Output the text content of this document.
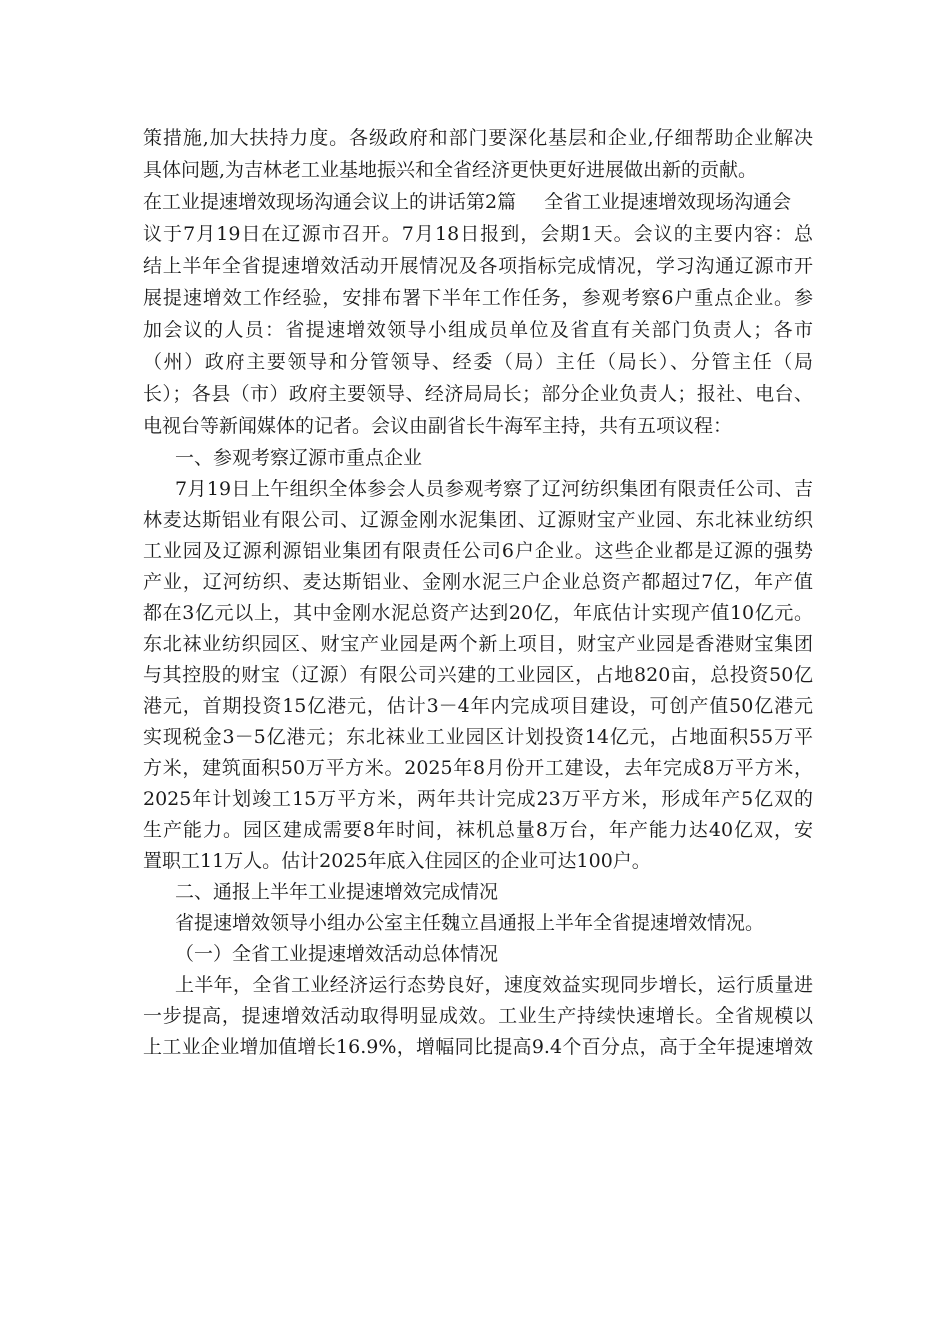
策措施,加大扶持力度。各级政府和部门要深化基层和企业,仔细帮助企业解决
具体问题,为吉林老工业基地振兴和全省经济更快更好进展做出新的贡献。
在工业提速增效现场沟通会议上的讲话第2篇 全省工业提速增效现场沟通会
议于7月19日在辽源市召开。7月18日报到，会期1天。会议的主要内容：总
结上半年全省提速增效活动开展情况及各项指标完成情况，学习沟通辽源市开
展提速增效工作经验，安排布署下半年工作任务，参观考察6户重点企业。参
加会议的人员：省提速增效领导小组成员单位及省直有关部门负责人；各市
（州）政府主要领导和分管领导、经委（局）主任（局长）、分管主任（局
长）；各县（市）政府主要领导、经济局局长；部分企业负责人；报社、电台、
电视台等新闻媒体的记者。会议由副省长牛海军主持，共有五项议程：
一、参观考察辽源市重点企业
7月19日上午组织全体参会人员参观考察了辽河纺织集团有限责任公司、吉
林麦达斯铝业有限公司、辽源金刚水泥集团、辽源财宝产业园、东北袜业纺织
工业园及辽源利源铝业集团有限责任公司6户企业。这些企业都是辽源的强势
产业，辽河纺织、麦达斯铝业、金刚水泥三户企业总资产都超过7亿，年产值
都在3亿元以上，其中金刚水泥总资产达到20亿，年底估计实现产值10亿元。
东北袜业纺织园区、财宝产业园是两个新上项目，财宝产业园是香港财宝集团
与其控股的财宝（辽源）有限公司兴建的工业园区，占地820亩，总投资50亿
港元，首期投资15亿港元，估计3－4年内完成项目建设，可创产值50亿港元
实现税金3－5亿港元；东北袜业工业园区计划投资14亿元，占地面积55万平
方米，建筑面积50万平方米。2025年8月份开工建设，去年完成8万平方米，
2025年计划竣工15万平方米，两年共计完成23万平方米，形成年产5亿双的
生产能力。园区建成需要8年时间，袜机总量8万台，年产能力达40亿双，安
置职工11万人。估计2025年底入住园区的企业可达100户。
二、通报上半年工业提速增效完成情况
省提速增效领导小组办公室主任魏立昌通报上半年全省提速增效情况。
（一）全省工业提速增效活动总体情况
上半年，全省工业经济运行态势良好，速度效益实现同步增长，运行质量进
一步提高，提速增效活动取得明显成效。工业生产持续快速增长。全省规模以
上工业企业增加值增长16.9%，增幅同比提高9.4个百分点，高于全年提速增效
